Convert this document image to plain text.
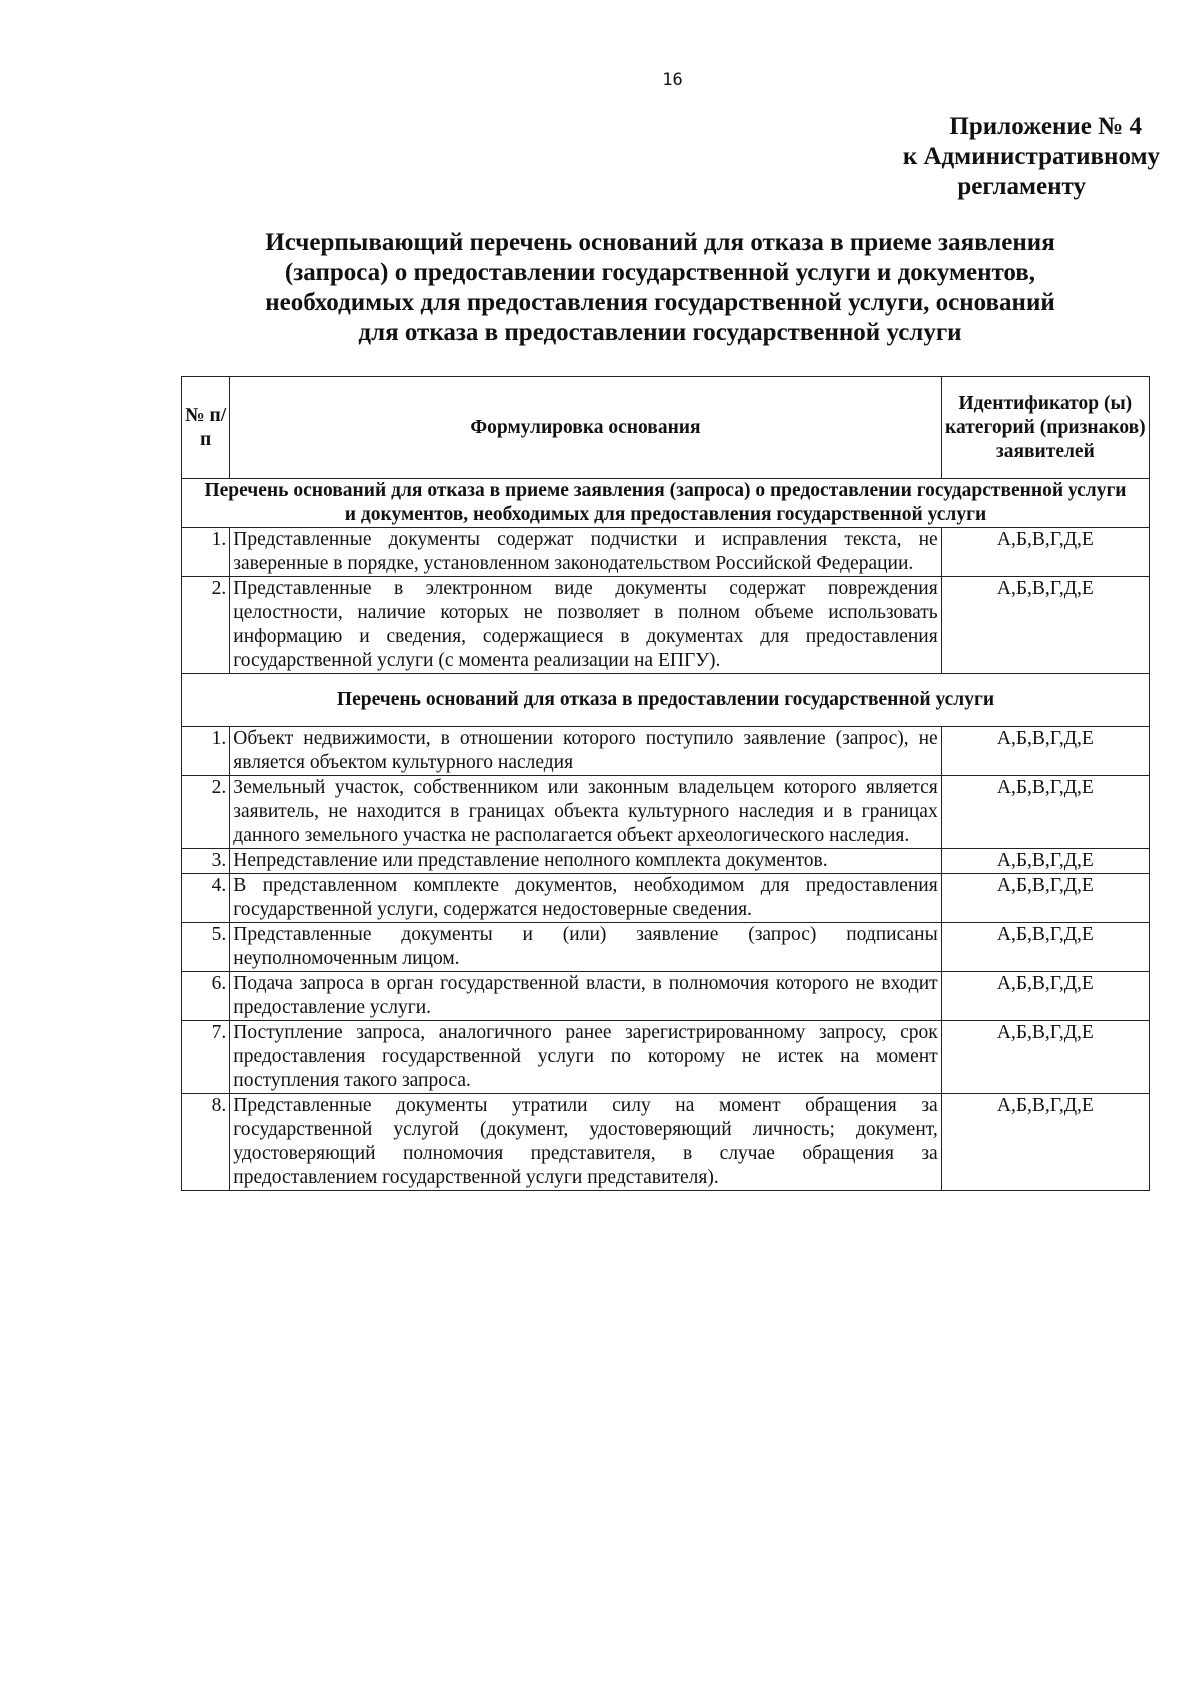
16
Приложение № 4
к Административному
регламенту
Исчерпывающий перечень оснований для отказа в приеме заявления
(запроса) о предоставлении государственной услуги и документов,
необходимых для предоставления государственной услуги, оснований
для отказа в предоставлении государственной услуги
№ п/п	Формулировка основания	Идентификатор (ы) категорий (признаков) заявителей
Перечень оснований для отказа в приеме заявления (запроса) о предоставлении государственной услуги и документов, необходимых для предоставления государственной услуги		
1.	Представленные документы содержат подчистки и исправления текста, не заверенные в порядке, установленном законодательством Российской Федерации.	А,Б,В,Г,Д,Е
2.	Представленные в электронном виде документы содержат повреждения целостности, наличие которых не позволяет в полном объеме использовать информацию и сведения, содержащиеся в документах для предоставления государственной услуги (с момента реализации на ЕПГУ).	А,Б,В,Г,Д,Е
Перечень оснований для отказа в предоставлении государственной услуги		
1.	Объект недвижимости, в отношении которого поступило заявление (запрос), не является объектом культурного наследия	А,Б,В,Г,Д,Е
2.	Земельный участок, собственником или законным владельцем которого является заявитель, не находится в границах объекта культурного наследия и в границах данного земельного участка не располагается объект археологического наследия.	А,Б,В,Г,Д,Е
3.	Непредставление или представление неполного комплекта документов.	А,Б,В,Г,Д,Е
4.	В представленном комплекте документов, необходимом для предоставления государственной услуги, содержатся недостоверные сведения.	А,Б,В,Г,Д,Е
5.	Представленные документы и (или) заявление (запрос) подписаны неуполномоченным лицом.	А,Б,В,Г,Д,Е
6.	Подача запроса в орган государственной власти, в полномочия которого не входит предоставление услуги.	А,Б,В,Г,Д,Е
7.	Поступление запроса, аналогичного ранее зарегистрированному запросу, срок предоставления государственной услуги по которому не истек на момент поступления такого запроса.	А,Б,В,Г,Д,Е
8.	Представленные документы утратили силу на момент обращения за государственной услугой (документ, удостоверяющий личность; документ, удостоверяющий полномочия представителя, в случае обращения за предоставлением государственной услуги представителя).	А,Б,В,Г,Д,Е
